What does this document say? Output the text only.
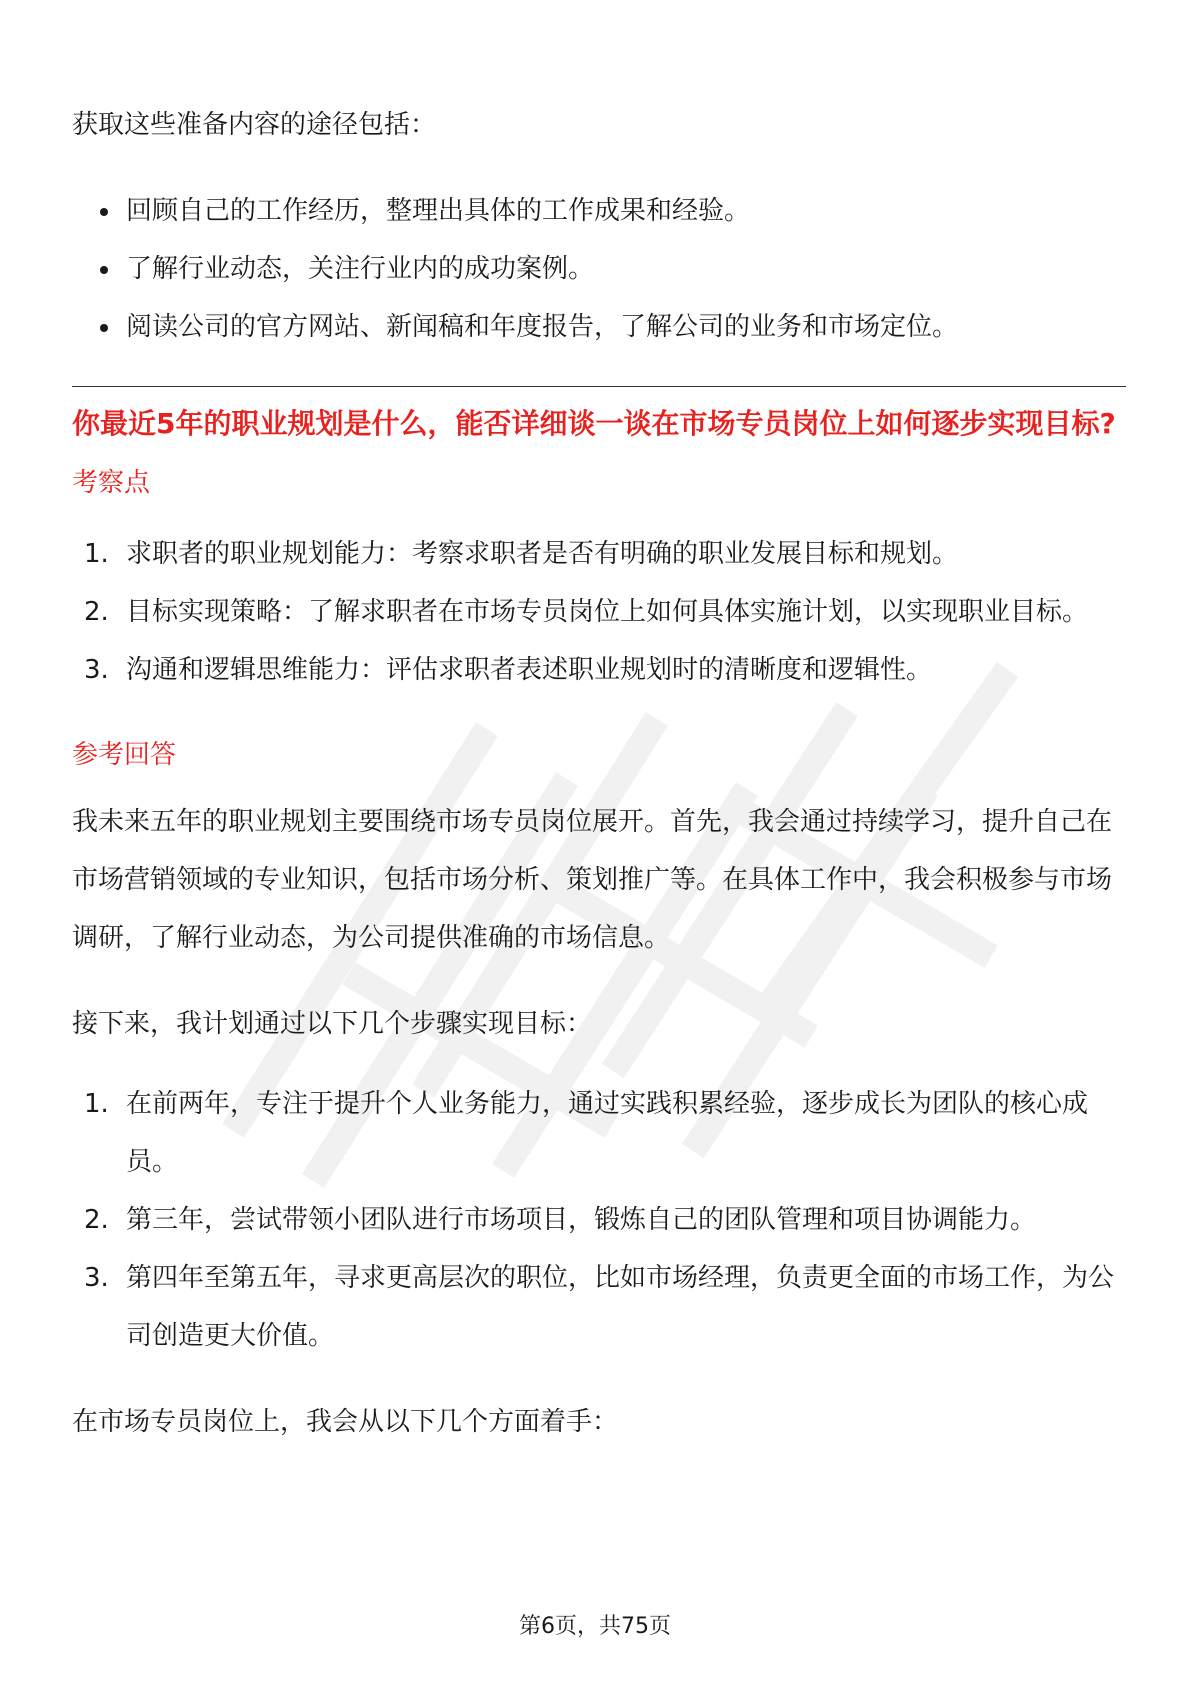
获取这些准备内容的途径包括：

回顾自己的工作经历，整理出具体的工作成果和经验。
了解行业动态，关注行业内的成功案例。
阅读公司的官方网站、新闻稿和年度报告，了解公司的业务和市场定位。

你最近5年的职业规划是什么，能否详细谈一谈在市场专员岗位上如何逐步实现目标?

考察点

1. 求职者的职业规划能力：考察求职者是否有明确的职业发展目标和规划。
2. 目标实现策略：了解求职者在市场专员岗位上如何具体实施计划，以实现职业目标。
3. 沟通和逻辑思维能力：评估求职者表述职业规划时的清晰度和逻辑性。

参考回答

我未来五年的职业规划主要围绕市场专员岗位展开。首先，我会通过持续学习，提升自己在市场营销领域的专业知识，包括市场分析、策划推广等。在具体工作中，我会积极参与市场调研，了解行业动态，为公司提供准确的市场信息。

接下来，我计划通过以下几个步骤实现目标：

1. 在前两年，专注于提升个人业务能力，通过实践积累经验，逐步成长为团队的核心成员。
2. 第三年，尝试带领小团队进行市场项目，锻炼自己的团队管理和项目协调能力。
3. 第四年至第五年，寻求更高层次的职位，比如市场经理，负责更全面的市场工作，为公司创造更大价值。

在市场专员岗位上，我会从以下几个方面着手：

第6页，共75页
